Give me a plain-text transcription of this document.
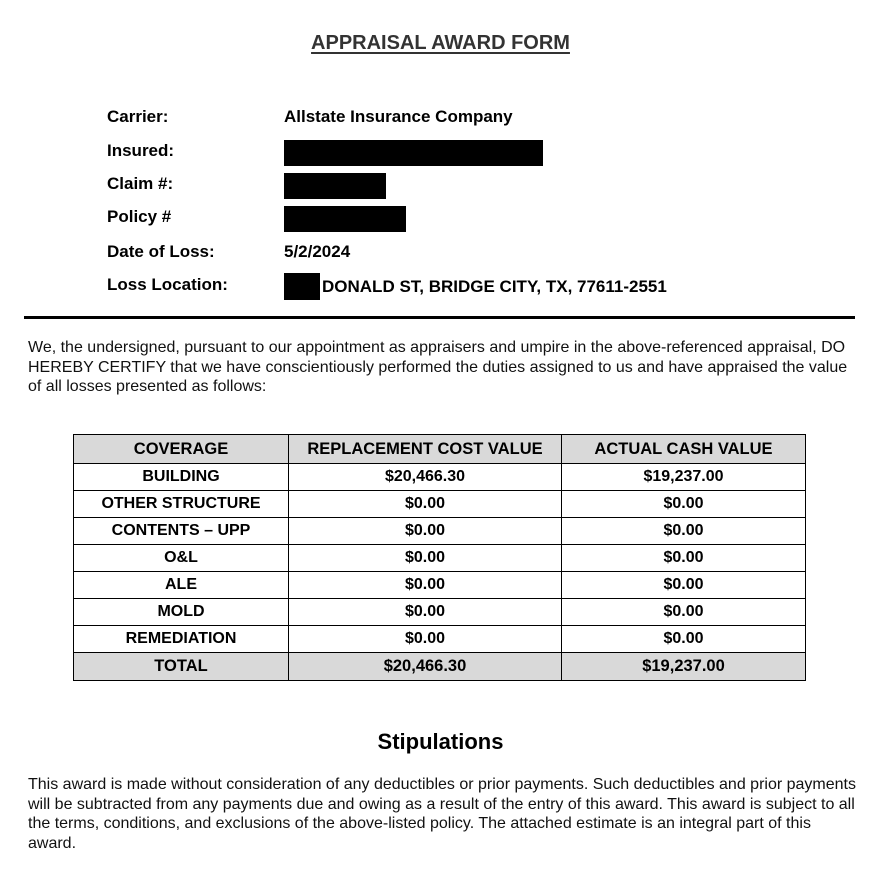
APPRAISAL AWARD FORM
Carrier:	Allstate Insurance Company
Insured:
Claim #:
Policy #
Date of Loss:	5/2/2024
Loss Location:	DONALD ST, BRIDGE CITY, TX, 77611-2551
We, the undersigned, pursuant to our appointment as appraisers and umpire in the above-referenced appraisal, DO HEREBY CERTIFY that we have conscientiously performed the duties assigned to us and have appraised the value of all losses presented as follows:
COVERAGE	REPLACEMENT COST VALUE	ACTUAL CASH VALUE
BUILDING	$20,466.30	$19,237.00
OTHER STRUCTURE	$0.00	$0.00
CONTENTS – UPP	$0.00	$0.00
O&L	$0.00	$0.00
ALE	$0.00	$0.00
MOLD	$0.00	$0.00
REMEDIATION	$0.00	$0.00
TOTAL	$20,466.30	$19,237.00
Stipulations
This award is made without consideration of any deductibles or prior payments. Such deductibles and prior payments will be subtracted from any payments due and owing as a result of the entry of this award. This award is subject to all the terms, conditions, and exclusions of the above-listed policy. The attached estimate is an integral part of this award.
